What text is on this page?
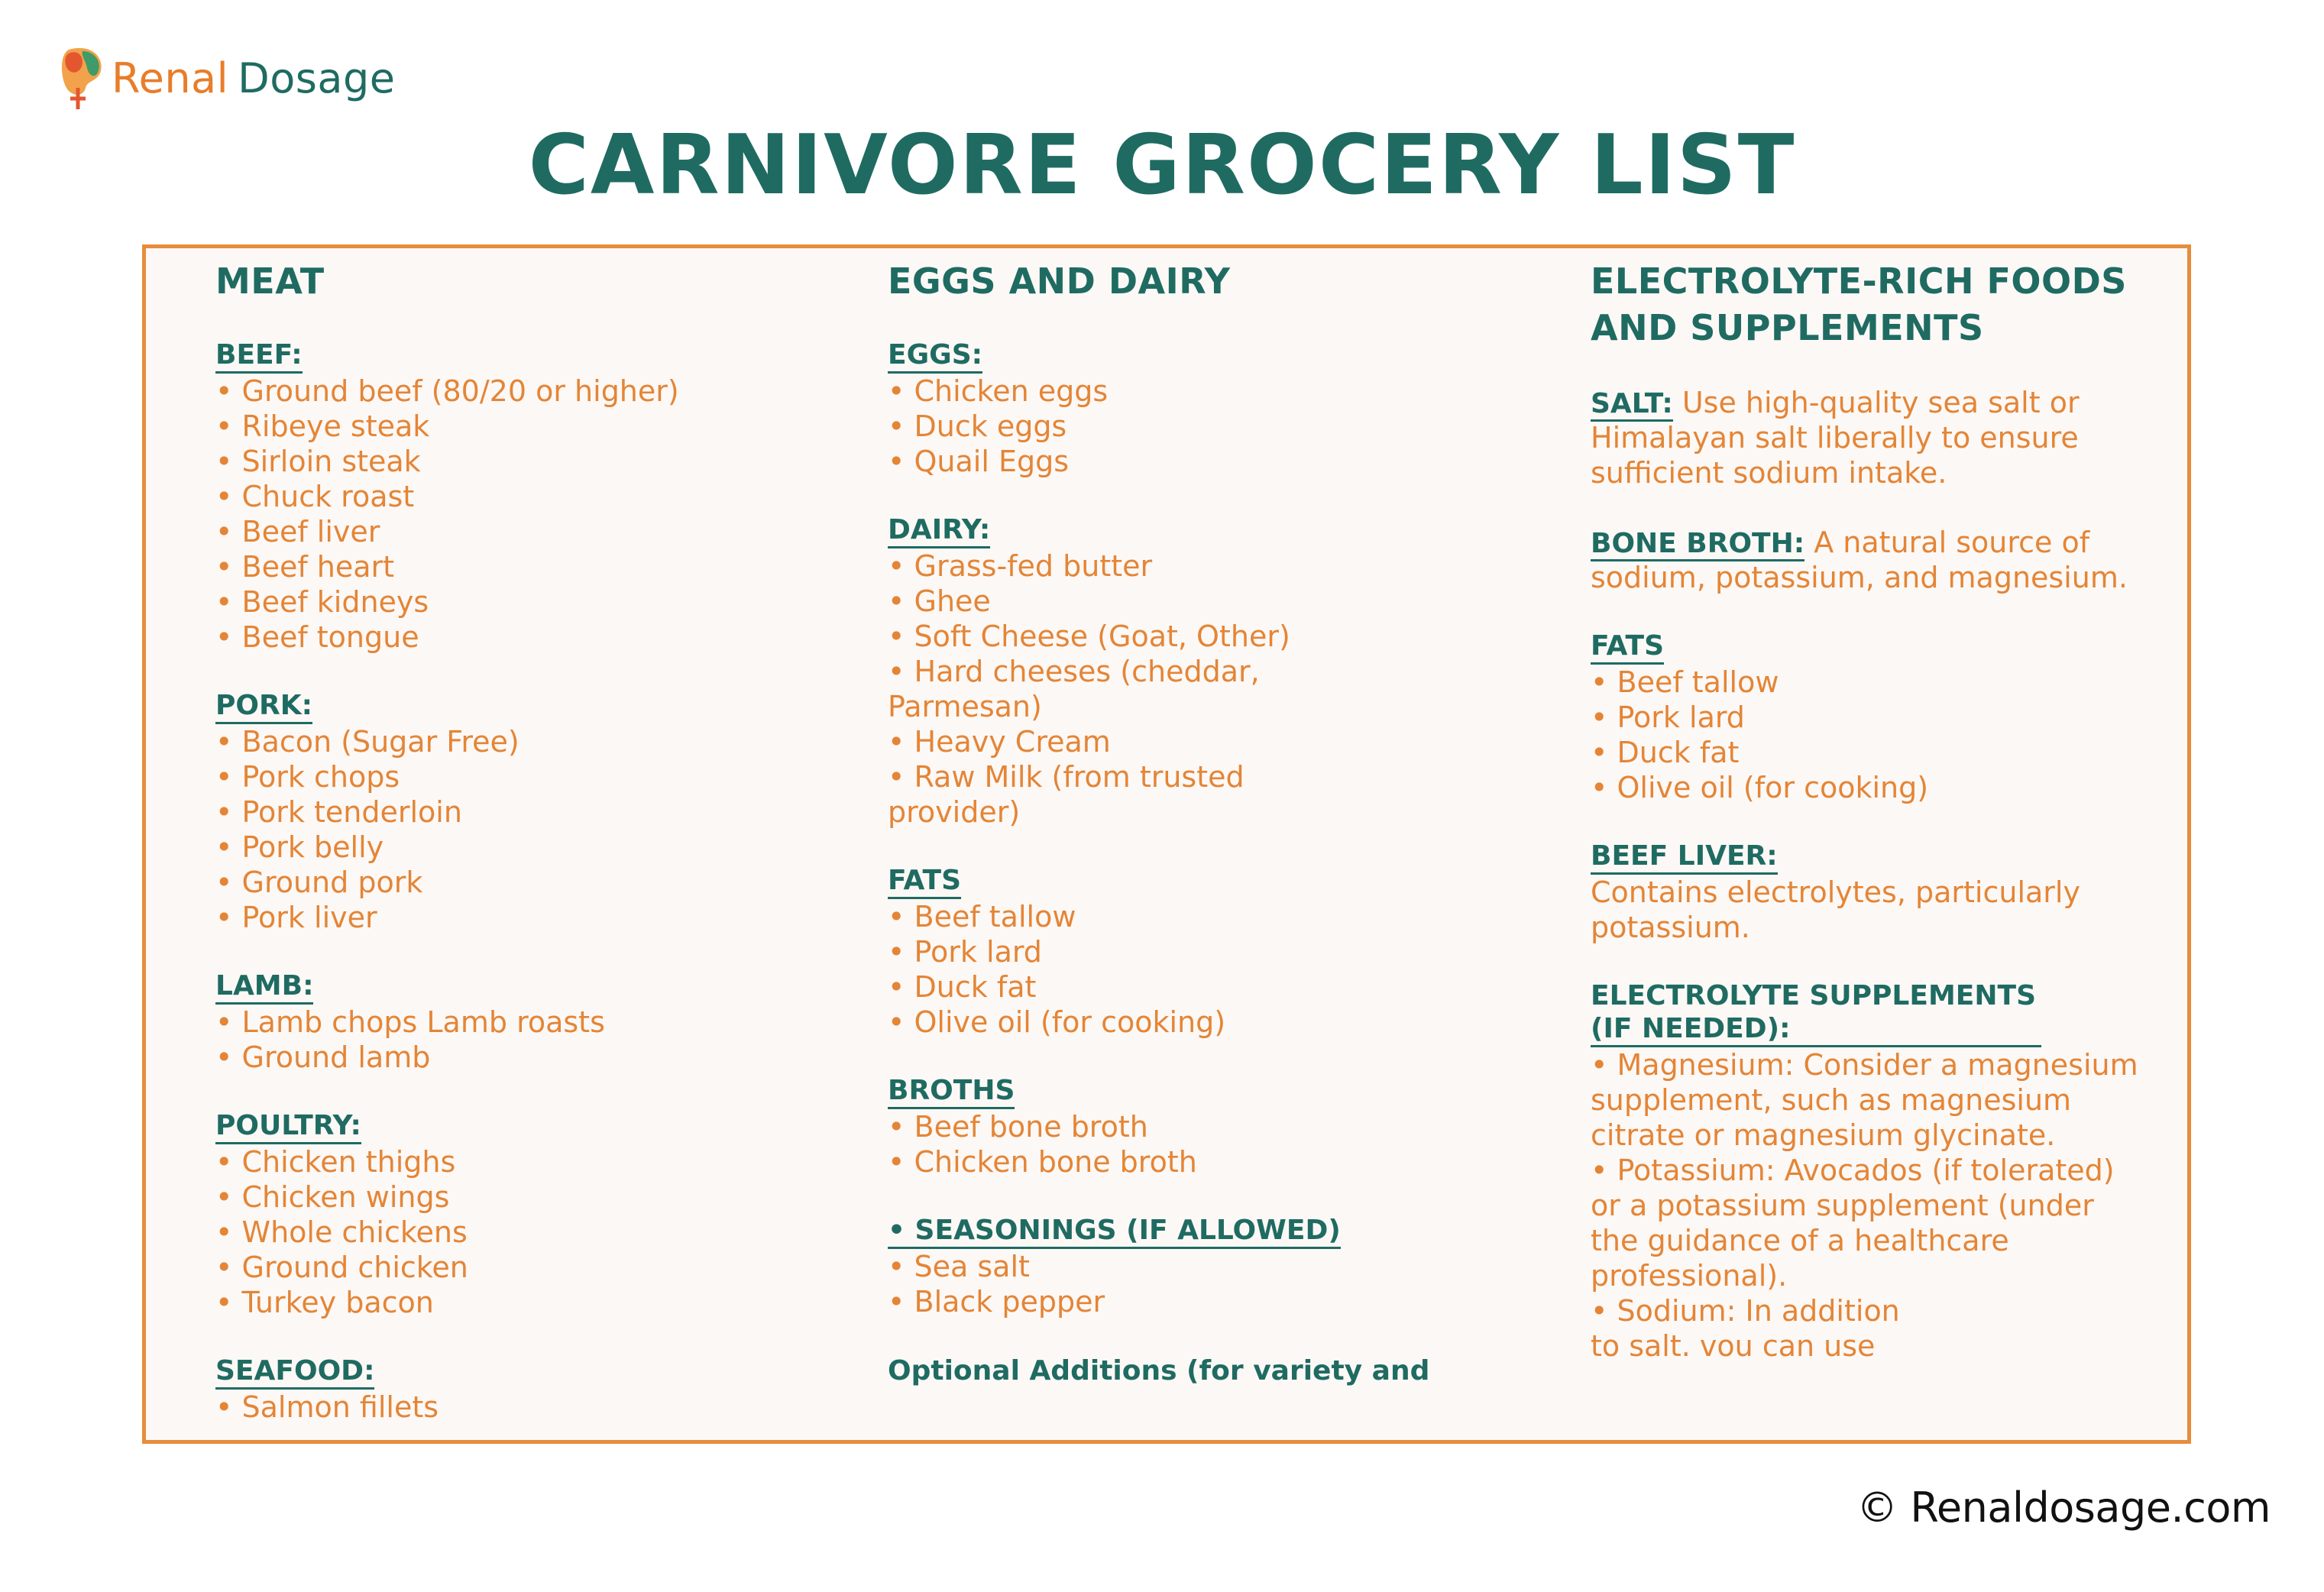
Renal Dosage
CARNIVORE GROCERY LIST
MEAT
BEEF:
• Ground beef (80/20 or higher)
• Ribeye steak
• Sirloin steak
• Chuck roast
• Beef liver
• Beef heart
• Beef kidneys
• Beef tongue
PORK:
• Bacon (Sugar Free)
• Pork chops
• Pork tenderloin
• Pork belly
• Ground pork
• Pork liver
LAMB:
• Lamb chops Lamb roasts
• Ground lamb
POULTRY:
• Chicken thighs
• Chicken wings
• Whole chickens
• Ground chicken
• Turkey bacon
SEAFOOD:
• Salmon fillets
EGGS AND DAIRY
EGGS:
• Chicken eggs
• Duck eggs
• Quail Eggs
DAIRY:
• Grass-fed butter
• Ghee
• Soft Cheese (Goat, Other)
• Hard cheeses (cheddar, Parmesan)
• Heavy Cream
• Raw Milk (from trusted provider)
FATS
• Beef tallow
• Pork lard
• Duck fat
• Olive oil (for cooking)
BROTHS
• Beef bone broth
• Chicken bone broth
• SEASONINGS (IF ALLOWED)
• Sea salt
• Black pepper
Optional Additions (for variety and
ELECTROLYTE-RICH FOODS AND SUPPLEMENTS
SALT: Use high-quality sea salt or Himalayan salt liberally to ensure sufficient sodium intake.
BONE BROTH: A natural source of sodium, potassium, and magnesium.
FATS
• Beef tallow
• Pork lard
• Duck fat
• Olive oil (for cooking)
BEEF LIVER:
Contains electrolytes, particularly potassium.
ELECTROLYTE SUPPLEMENTS (IF NEEDED):
• Magnesium: Consider a magnesium supplement, such as magnesium citrate or magnesium glycinate.
• Potassium: Avocados (if tolerated) or a potassium supplement (under the guidance of a healthcare professional).
• Sodium: In addition to salt. vou can use
© Renaldosage.com
